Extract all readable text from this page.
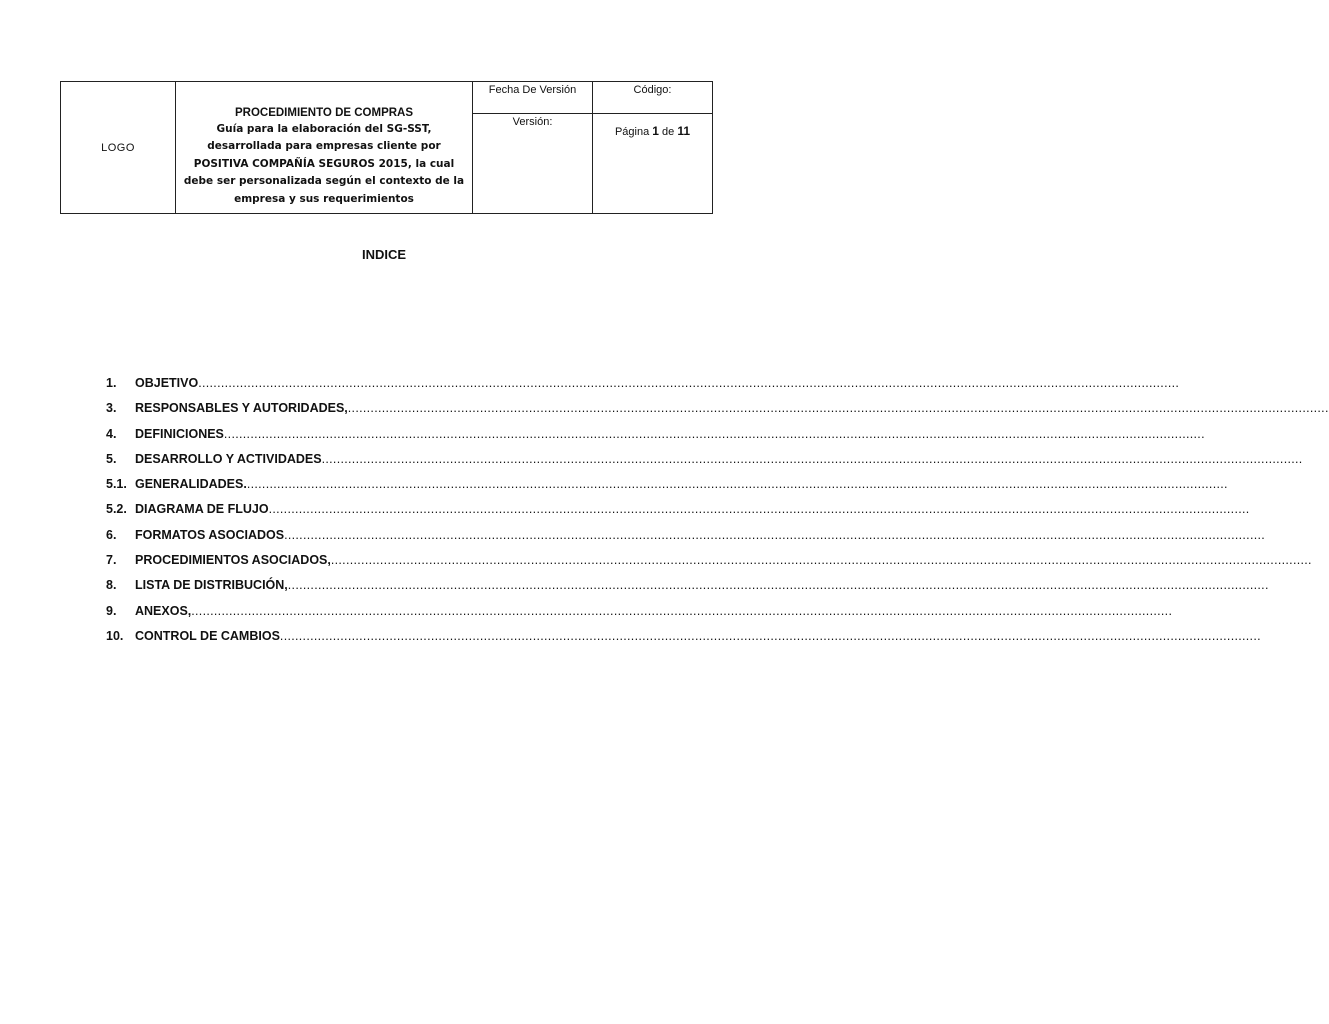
LOGO	PROCEDIMIENTO DE COMPRAS
Guía para la elaboración del SG-SST, desarrollada para empresas cliente por POSITIVA COMPAÑÍA SEGUROS 2015, la cual debe ser personalizada según el contexto de la empresa y sus requerimientos	Fecha De Versión	Código:

		Versión:	Página 1 de 11
INDICE
1.	OBJETIVO ....................................................................................................................................................................................................................................................................
3.	RESPONSABLES Y AUTORIDADES, ....................................................................................................................................................................................................................................................................
4.	DEFINICIONES ....................................................................................................................................................................................................................................................................
5.	DESARROLLO Y ACTIVIDADES ....................................................................................................................................................................................................................................................................
5.1. GENERALIDADES. ....................................................................................................................................................................................................................................................................
5.2. DIAGRAMA DE FLUJO ....................................................................................................................................................................................................................................................................
6.	FORMATOS ASOCIADOS ....................................................................................................................................................................................................................................................................
7.	PROCEDIMIENTOS ASOCIADOS, ....................................................................................................................................................................................................................................................................
8.	LISTA DE DISTRIBUCIÓN, ....................................................................................................................................................................................................................................................................
9.	ANEXOS, ....................................................................................................................................................................................................................................................................
10. CONTROL DE CAMBIOS ....................................................................................................................................................................................................................................................................
